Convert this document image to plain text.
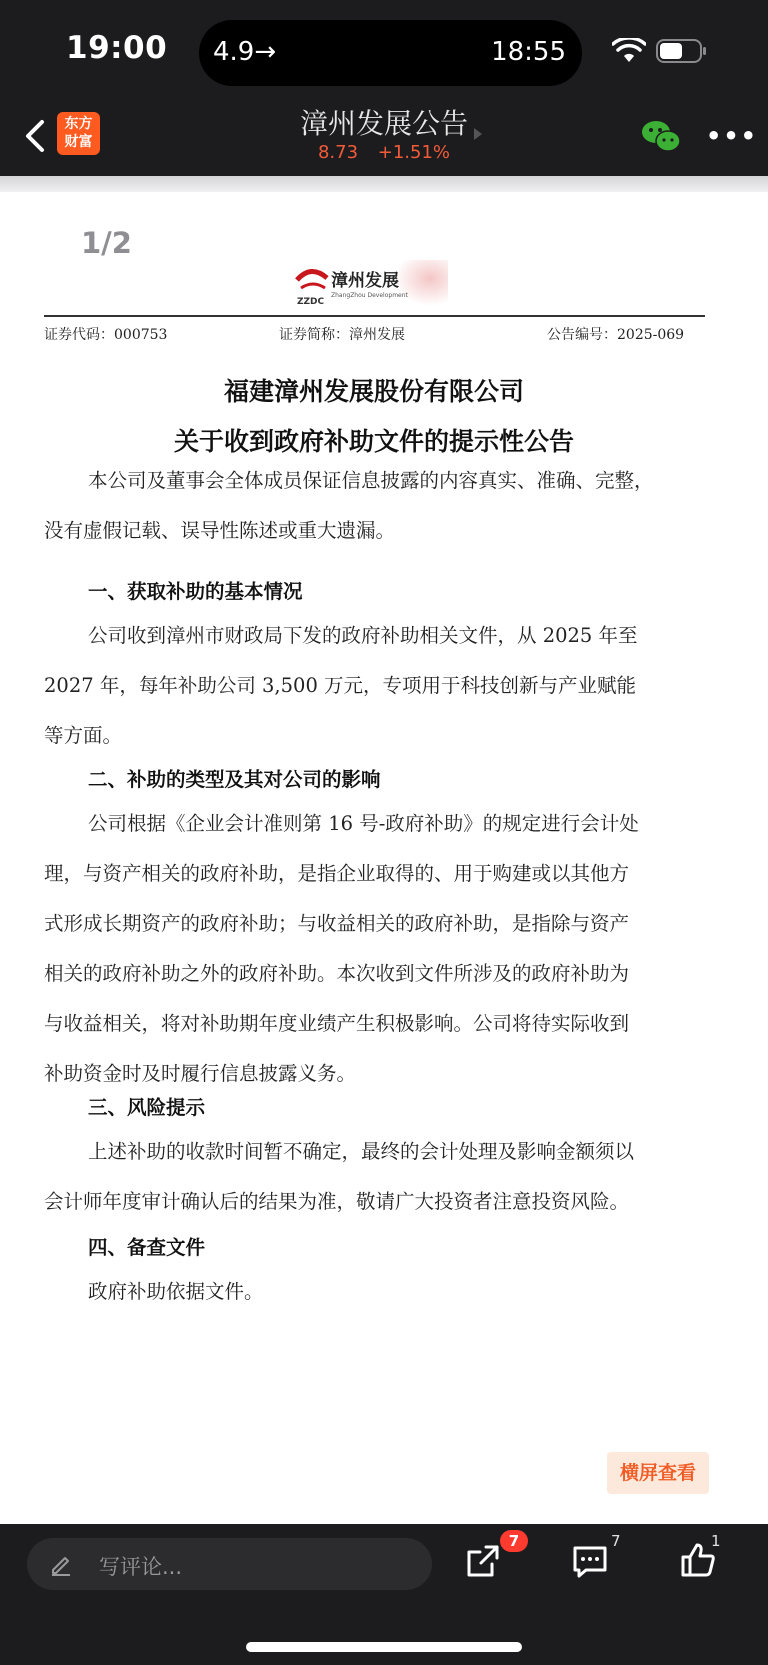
19:00 4.9→	18:55
东方
财富
漳州发展公告
8.73 +1.51%
•••
1/2
ZZDC
漳州发展
ZhangZhou Development
证券代码：000753	证券简称：漳州发展	公告编号：2025-069
福建漳州发展股份有限公司
关于收到政府补助文件的提示性公告
本公司及董事会全体成员保证信息披露的内容真实、准确、完整，
没有虚假记载、误导性陈述或重大遗漏。
一、获取补助的基本情况
公司收到漳州市财政局下发的政府补助相关文件，从 2025 年至
2027 年，每年补助公司 3,500 万元，专项用于科技创新与产业赋能
等方面。
二、补助的类型及其对公司的影响
公司根据《企业会计准则第 16 号-政府补助》的规定进行会计处
理，与资产相关的政府补助，是指企业取得的、用于购建或以其他方
式形成长期资产的政府补助；与收益相关的政府补助，是指除与资产
相关的政府补助之外的政府补助。本次收到文件所涉及的政府补助为
与收益相关，将对补助期年度业绩产生积极影响。公司将待实际收到
补助资金时及时履行信息披露义务。
三、风险提示
上述补助的收款时间暂不确定，最终的会计处理及影响金额须以
会计师年度审计确认后的结果为准，敬请广大投资者注意投资风险。
四、备查文件
政府补助依据文件。
横屏查看
写评论...
7	7	1
